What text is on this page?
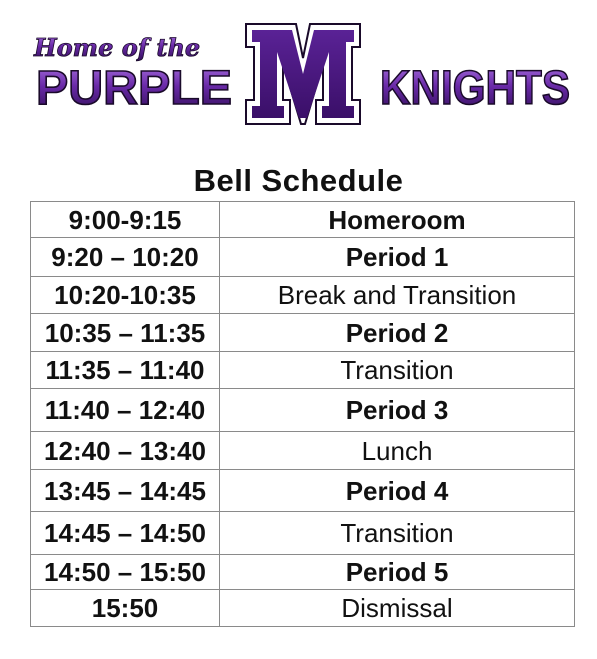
Home of the
PURPLE	KNIGHTS
Bell Schedule
9:00-9:15	Homeroom
9:20 – 10:20	Period 1
10:20-10:35	Break and Transition
10:35 – 11:35	Period 2
11:35 – 11:40	Transition
11:40 – 12:40	Period 3
12:40 – 13:40	Lunch
13:45 – 14:45	Period 4
14:45 – 14:50	Transition
14:50 – 15:50	Period 5
15:50	Dismissal
